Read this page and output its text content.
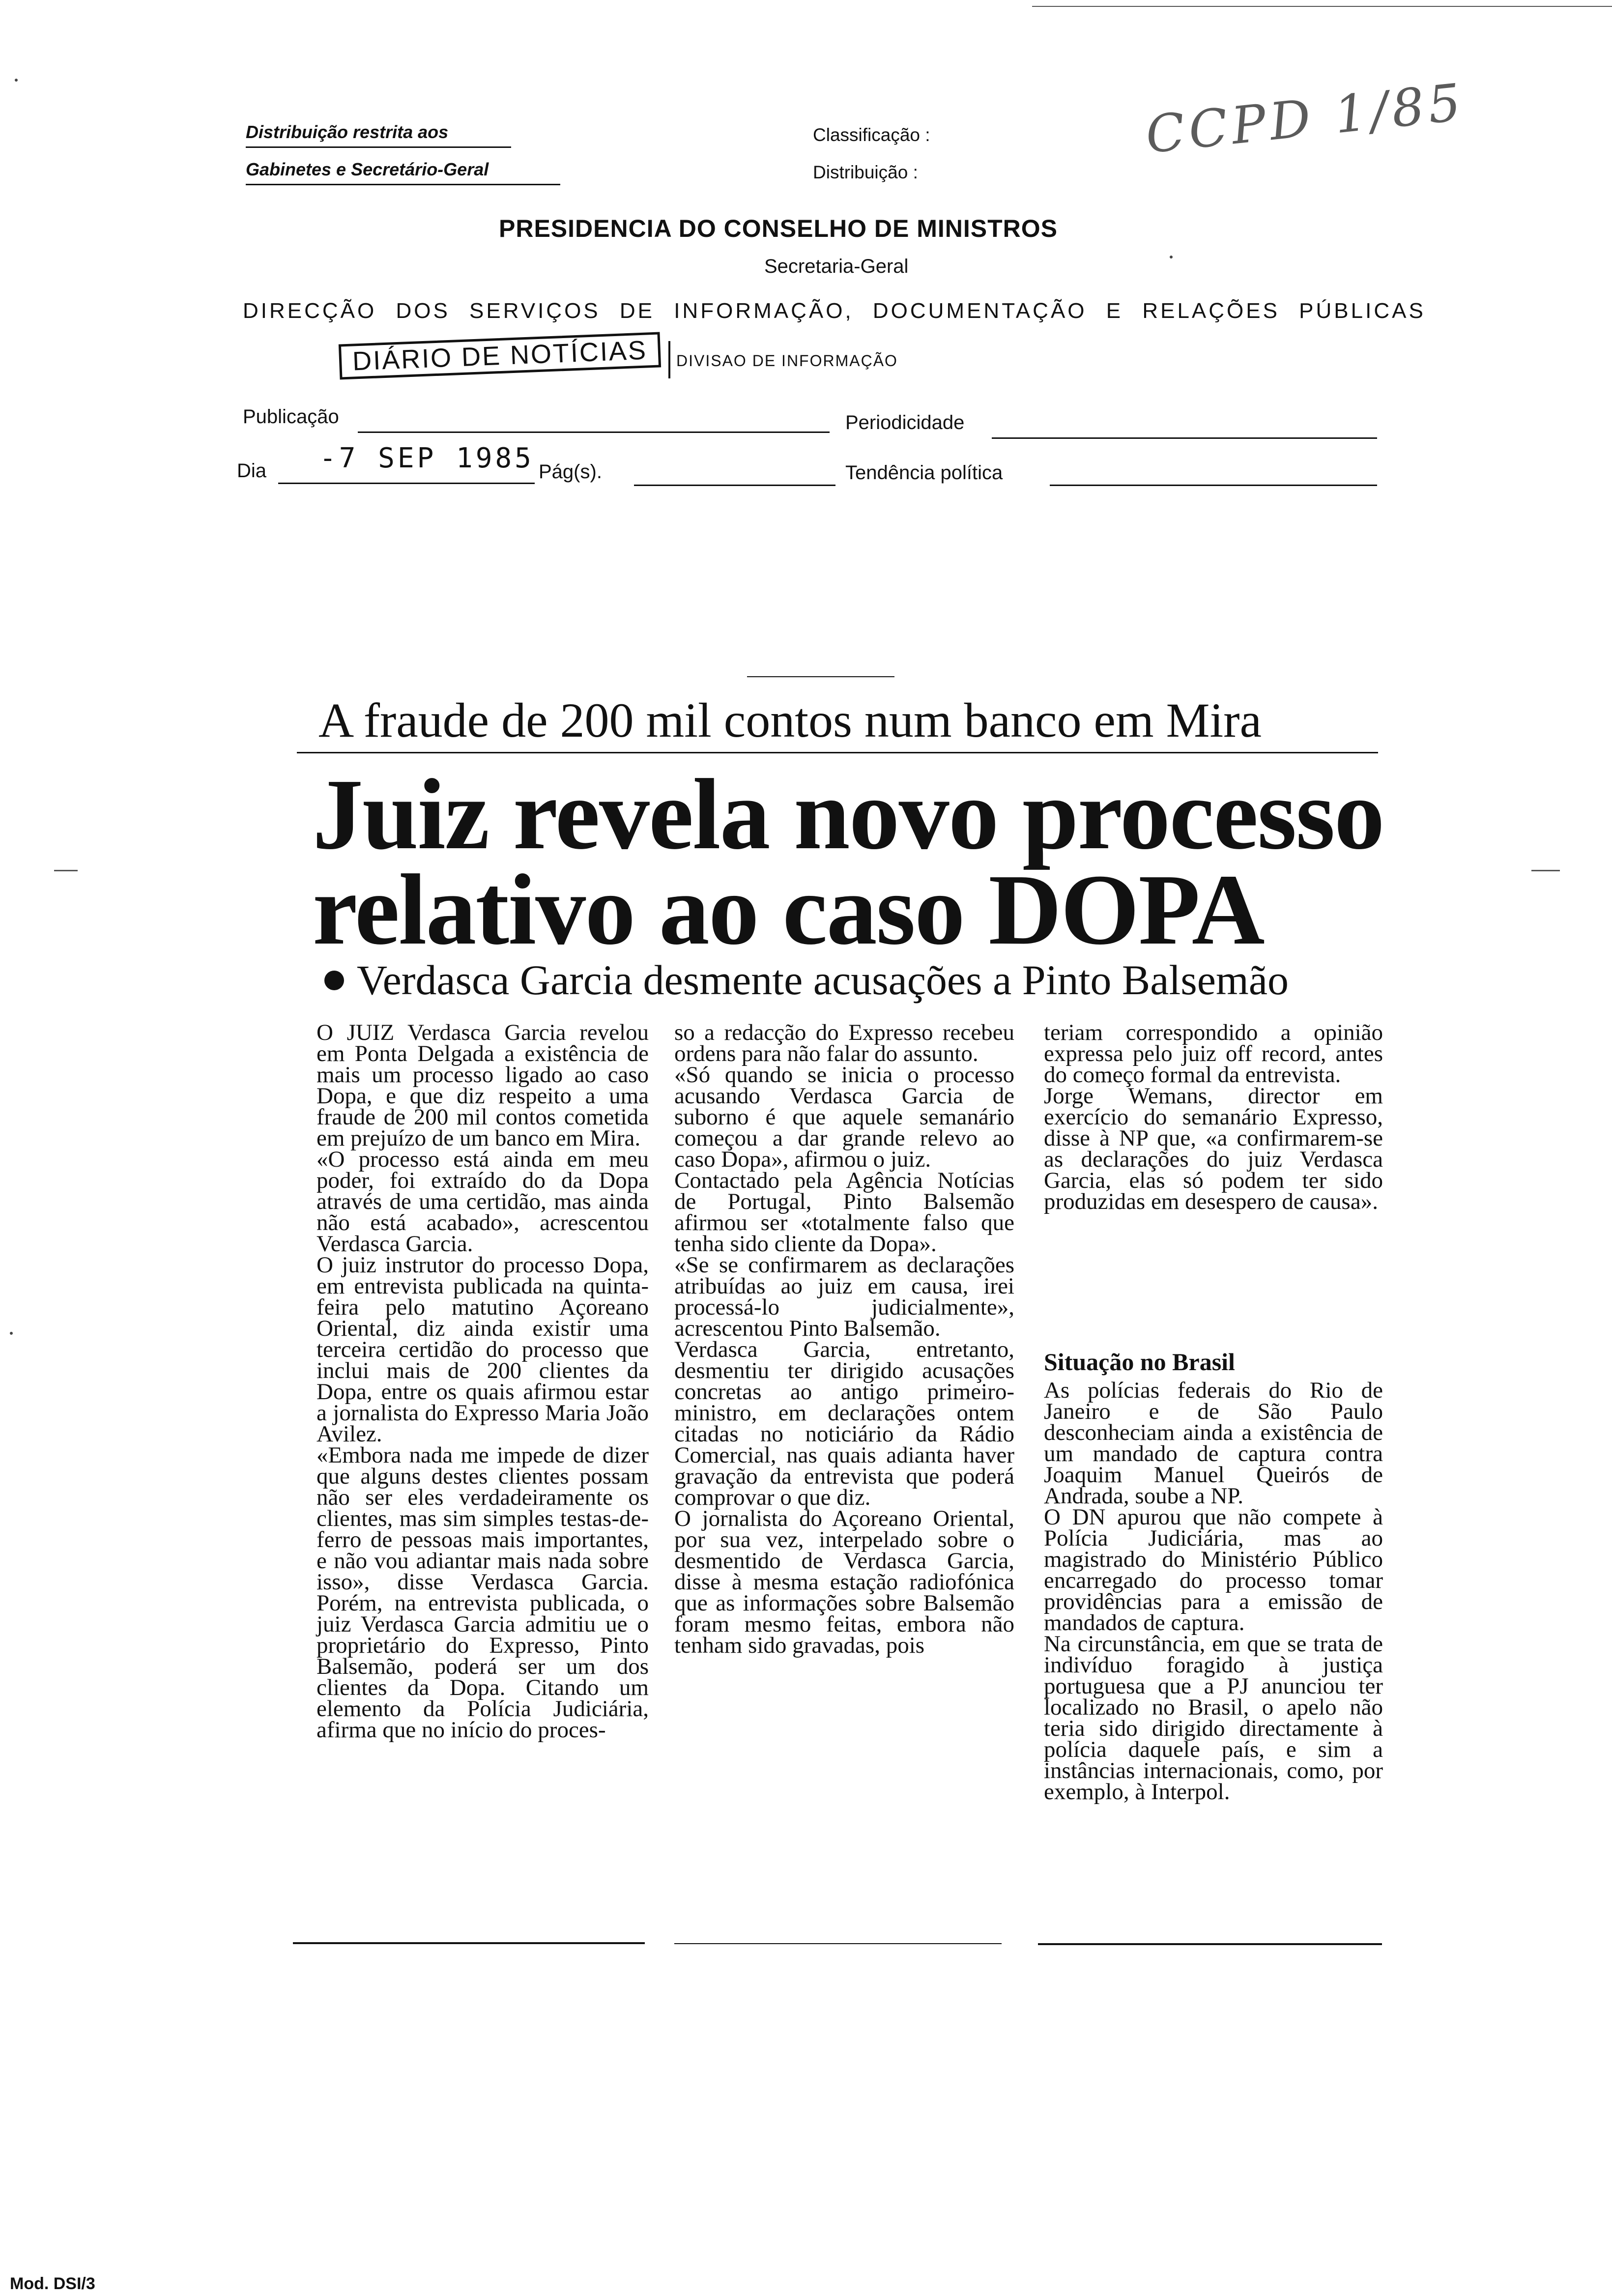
Distribuição restrita aos
Gabinetes e Secretário-Geral
Classificação :
Distribuição :
CCPD 1/85
PRESIDENCIA DO CONSELHO DE MINISTROS
Secretaria-Geral
DIRECÇÃO DOS SERVIÇOS DE INFORMAÇÃO, DOCUMENTAÇÃO E RELAÇÕES PÚBLICAS
DIÁRIO DE NOTÍCIAS	DIVISAO DE INFORMAÇÃO
Publicação	Periodicidade
Dia -7 SEP 1985 Pág(s).	Tendência política
A fraude de 200 mil contos num banco em Mira
Juiz revela novo processo
relativo ao caso DOPA
Verdasca Garcia desmente acusações a Pinto Balsemão
O JUIZ Verdasca Garcia revelou em Ponta Delgada a existência de mais um processo ligado ao caso Dopa, e que diz respeito a uma fraude de 200 mil contos cometida em prejuízo de um banco em Mira.
«O processo está ainda em meu poder, foi extraído do da Dopa através de uma certidão, mas ainda não está acabado», acrescentou Verdasca Garcia.
O juiz instrutor do processo Dopa, em entrevista publicada na quinta-feira pelo matutino Açoreano Oriental, diz ainda existir uma terceira certidão do processo que inclui mais de 200 clientes da Dopa, entre os quais afirmou estar a jornalista do Expresso Maria João Avilez.
«Embora nada me impede de dizer que alguns destes clientes possam não ser eles verdadeiramente os clientes, mas sim simples testas-de-ferro de pessoas mais importantes, e não vou adiantar mais nada sobre isso», disse Verdasca Garcia. Porém, na entrevista publicada, o juiz Verdasca Garcia admitiu ue o proprietário do Expresso, Pinto Balsemão, poderá ser um dos clientes da Dopa. Citando um elemento da Polícia Judiciária, afirma que no início do proces-
so a redacção do Expresso recebeu ordens para não falar do assunto.
«Só quando se inicia o processo acusando Verdasca Garcia de suborno é que aquele semanário começou a dar grande relevo ao caso Dopa», afirmou o juiz.
Contactado pela Agência Notícias de Portugal, Pinto Balsemão afirmou ser «totalmente falso que tenha sido cliente da Dopa».
«Se se confirmarem as declarações atribuídas ao juiz em causa, irei processá-lo judicialmente», acrescentou Pinto Balsemão.
Verdasca Garcia, entretanto, desmentiu ter dirigido acusações concretas ao antigo primeiro-ministro, em declarações ontem citadas no noticiário da Rádio Comercial, nas quais adianta haver gravação da entrevista que poderá comprovar o que diz.
O jornalista do Açoreano Oriental, por sua vez, interpelado sobre o desmentido de Verdasca Garcia, disse à mesma estação radiofónica que as informações sobre Balsemão foram mesmo feitas, embora não tenham sido gravadas, pois
teriam correspondido a opinião expressa pelo juiz off record, antes do começo formal da entrevista.
Jorge Wemans, director em exercício do semanário Expresso, disse à NP que, «a confirmarem-se as declarações do juiz Verdasca Garcia, elas só podem ter sido produzidas em desespero de causa».
Situação no Brasil
As polícias federais do Rio de Janeiro e de São Paulo desconheciam ainda a existência de um mandado de captura contra Joaquim Manuel Queirós de Andrada, soube a NP.
O DN apurou que não compete à Polícia Judiciária, mas ao magistrado do Ministério Público encarregado do processo tomar providências para a emissão de mandados de captura.
Na circunstância, em que se trata de indivíduo foragido à justiça portuguesa que a PJ anunciou ter localizado no Brasil, o apelo não teria sido dirigido directamente à polícia daquele país, e sim a instâncias internacionais, como, por exemplo, à Interpol.
Mod. DSI/3
